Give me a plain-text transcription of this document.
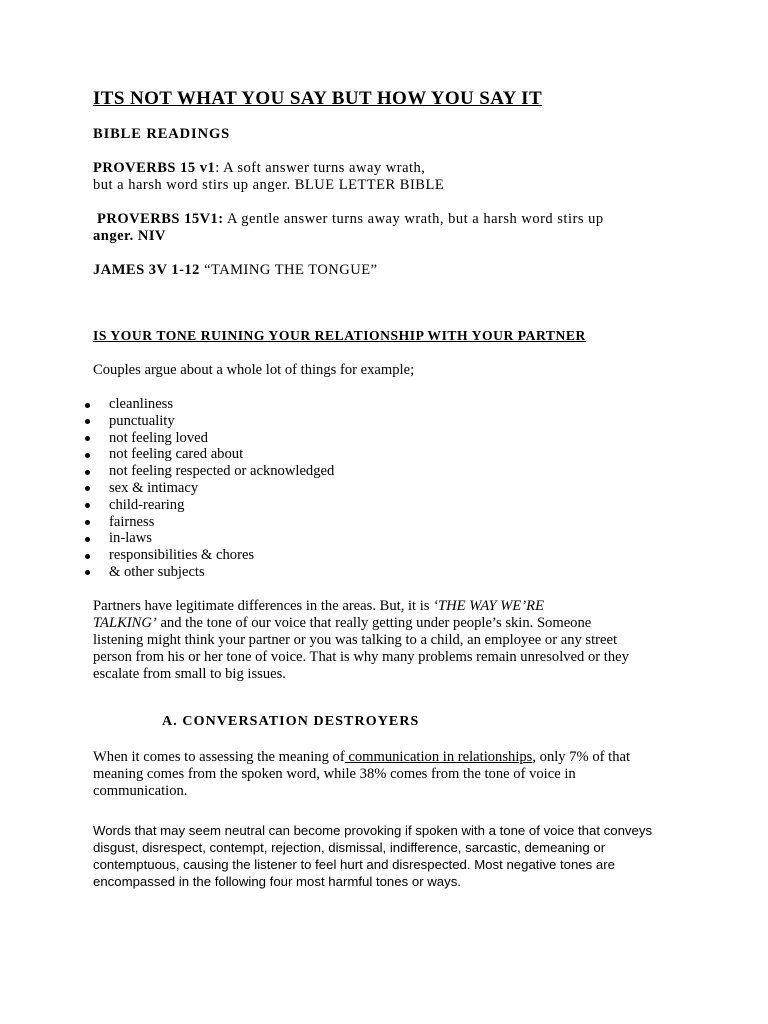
ITS NOT WHAT YOU SAY BUT HOW YOU SAY IT
BIBLE READINGS
PROVERBS 15 v1: A soft answer turns away wrath,
but a harsh word stirs up anger. BLUE LETTER BIBLE
PROVERBS 15V1: A gentle answer turns away wrath, but a harsh word stirs up
anger. NIV
JAMES 3V 1-12 “TAMING THE TONGUE”
IS YOUR TONE RUINING YOUR RELATIONSHIP WITH YOUR PARTNER

Couples argue about a whole lot of things for example;

cleanliness
punctuality
not feeling loved
not feeling cared about
not feeling respected or acknowledged
sex & intimacy
child-rearing
fairness
in-laws
responsibilities & chores
& other subjects
Partners have legitimate differences in the areas. But, it is ‘THE WAY WE’RE
TALKING’ and the tone of our voice that really getting under people’s skin. Someone
listening might think your partner or you was talking to a child, an employee or any street
person from his or her tone of voice. That is why many problems remain unresolved or they
escalate from small to big issues.
A. CONVERSATION DESTROYERS
When it comes to assessing the meaning of communication in relationships, only 7% of that
meaning comes from the spoken word, while 38% comes from the tone of voice in
communication.
Words that may seem neutral can become provoking if spoken with a tone of voice that conveys
disgust, disrespect, contempt, rejection, dismissal, indifference, sarcastic, demeaning or
contemptuous, causing the listener to feel hurt and disrespected. Most negative tones are
encompassed in the following four most harmful tones or ways.
